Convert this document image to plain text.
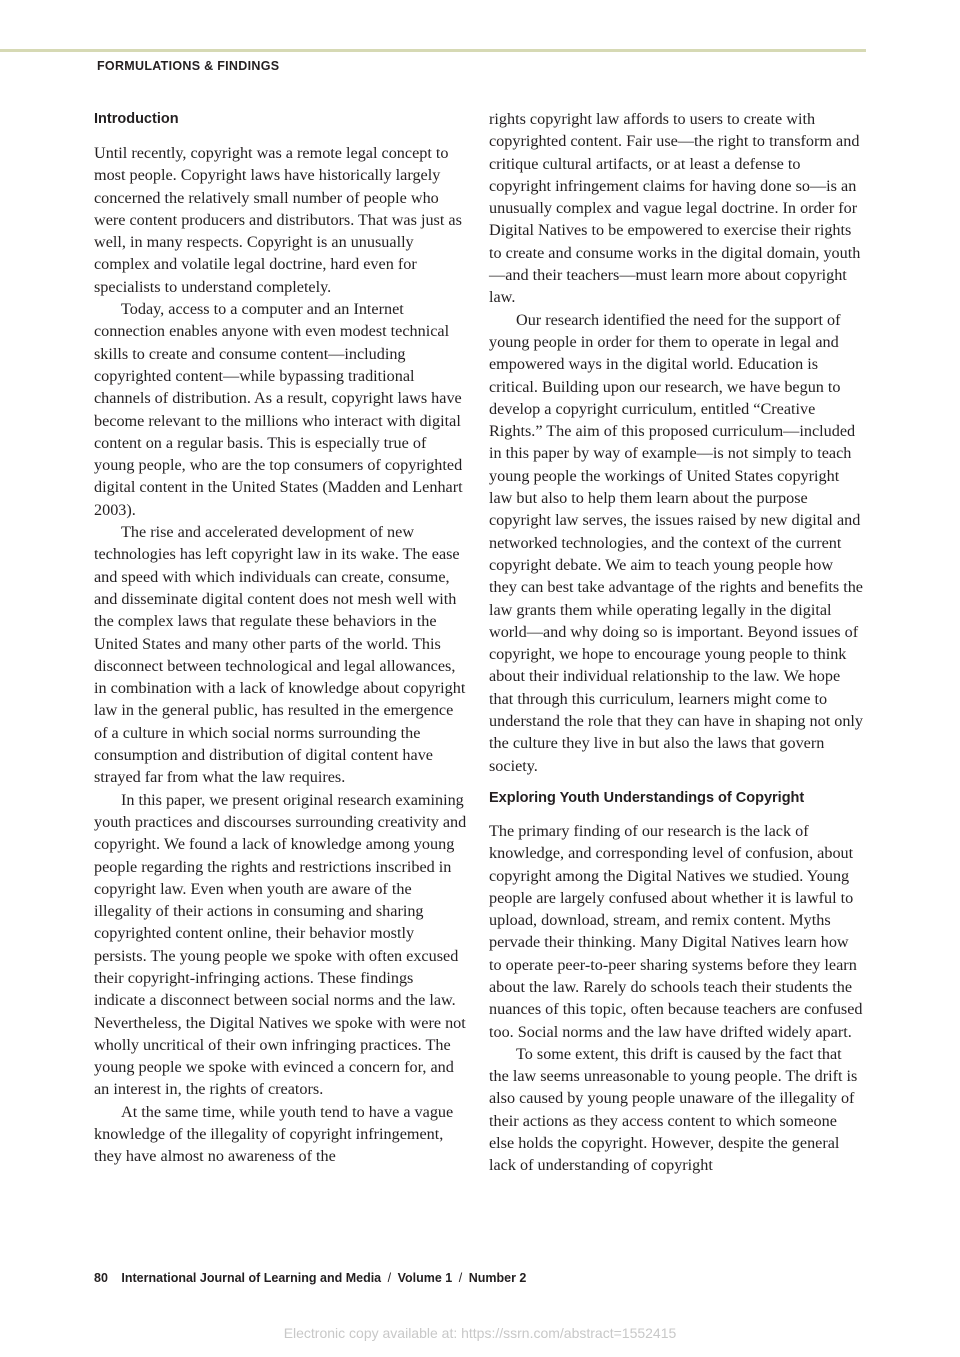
FORMULATIONS & FINDINGS
Introduction

Until recently, copyright was a remote legal concept to most people. Copyright laws have historically largely concerned the relatively small number of people who were content producers and distributors. That was just as well, in many respects. Copyright is an unusually complex and volatile legal doctrine, hard even for specialists to understand completely.

Today, access to a computer and an Internet connection enables anyone with even modest technical skills to create and consume content—including copyrighted content—while bypassing traditional channels of distribution. As a result, copyright laws have become relevant to the millions who interact with digital content on a regular basis. This is especially true of young people, who are the top consumers of copyrighted digital content in the United States (Madden and Lenhart 2003).

The rise and accelerated development of new technologies has left copyright law in its wake. The ease and speed with which individuals can create, consume, and disseminate digital content does not mesh well with the complex laws that regulate these behaviors in the United States and many other parts of the world. This disconnect between technological and legal allowances, in combination with a lack of knowledge about copyright law in the general public, has resulted in the emergence of a culture in which social norms surrounding the consumption and distribution of digital content have strayed far from what the law requires.

In this paper, we present original research examining youth practices and discourses surrounding creativity and copyright. We found a lack of knowledge among young people regarding the rights and restrictions inscribed in copyright law. Even when youth are aware of the illegality of their actions in consuming and sharing copyrighted content online, their behavior mostly persists. The young people we spoke with often excused their copyright-infringing actions. These findings indicate a disconnect between social norms and the law. Nevertheless, the Digital Natives we spoke with were not wholly uncritical of their own infringing practices. The young people we spoke with evinced a concern for, and an interest in, the rights of creators.

At the same time, while youth tend to have a vague knowledge of the illegality of copyright infringement, they have almost no awareness of the

rights copyright law affords to users to create with copyrighted content. Fair use—the right to transform and critique cultural artifacts, or at least a defense to copyright infringement claims for having done so—is an unusually complex and vague legal doctrine. In order for Digital Natives to be empowered to exercise their rights to create and consume works in the digital domain, youth—and their teachers—must learn more about copyright law.

Our research identified the need for the support of young people in order for them to operate in legal and empowered ways in the digital world. Education is critical. Building upon our research, we have begun to develop a copyright curriculum, entitled “Creative Rights.” The aim of this proposed curriculum—included in this paper by way of example—is not simply to teach young people the workings of United States copyright law but also to help them learn about the purpose copyright law serves, the issues raised by new digital and networked technologies, and the context of the current copyright debate. We aim to teach young people how they can best take advantage of the rights and benefits the law grants them while operating legally in the digital world—and why doing so is important. Beyond issues of copyright, we hope to encourage young people to think about their individual relationship to the law. We hope that through this curriculum, learners might come to understand the role that they can have in shaping not only the culture they live in but also the laws that govern society.

Exploring Youth Understandings of Copyright

The primary finding of our research is the lack of knowledge, and corresponding level of confusion, about copyright among the Digital Natives we studied. Young people are largely confused about whether it is lawful to upload, download, stream, and remix content. Myths pervade their thinking. Many Digital Natives learn how to operate peer-to-peer sharing systems before they learn about the law. Rarely do schools teach their students the nuances of this topic, often because teachers are confused too. Social norms and the law have drifted widely apart.

To some extent, this drift is caused by the fact that the law seems unreasonable to young people. The drift is also caused by young people unaware of the illegality of their actions as they access content to which someone else holds the copyright. However, despite the general lack of understanding of copyright

80 International Journal of Learning and Media / Volume 1 / Number 2
Electronic copy available at: https://ssrn.com/abstract=1552415
